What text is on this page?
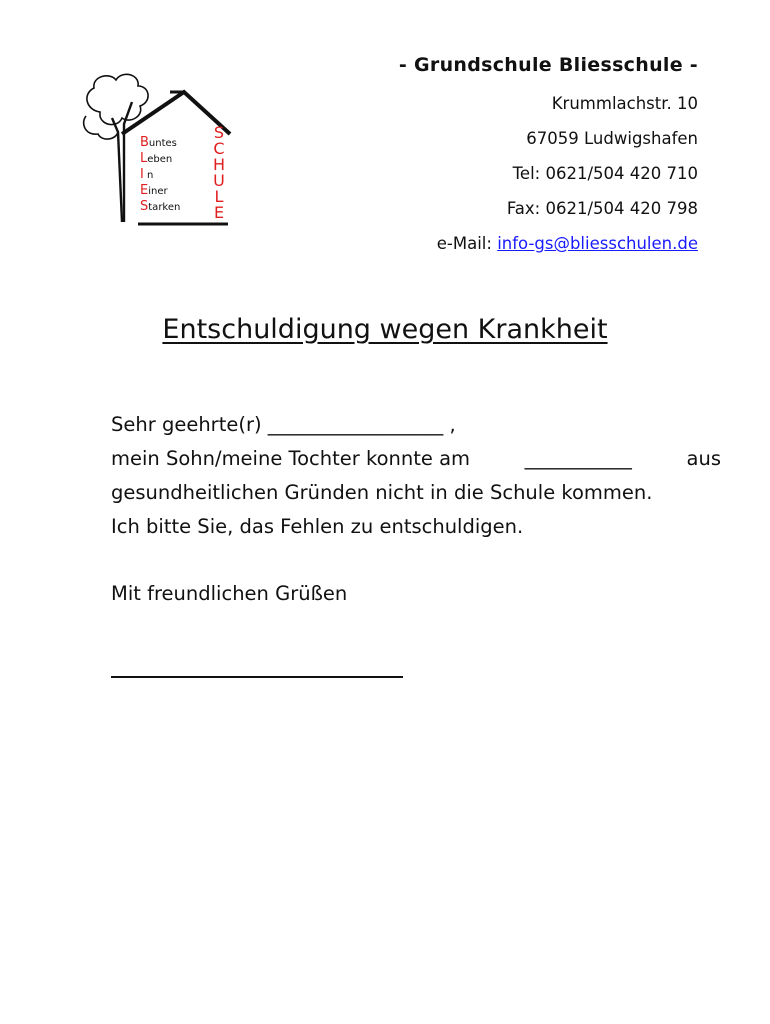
Buntes
Leben
I n
Einer
Starken
S
C
H
U
L
E
- Grundschule Bliesschule -
Krummlachstr. 10
67059 Ludwigshafen
Tel: 0621/504 420 710
Fax: 0621/504 420 798
e-Mail: info-gs@bliesschulen.de
Entschuldigung wegen Krankheit
Sehr geehrte(r) __________________ ,
mein Sohn/meine Tochter konnte am	___________	aus
gesundheitlichen Gründen nicht in die Schule kommen.
Ich bitte Sie, das Fehlen zu entschuldigen.
Mit freundlichen Grüßen
